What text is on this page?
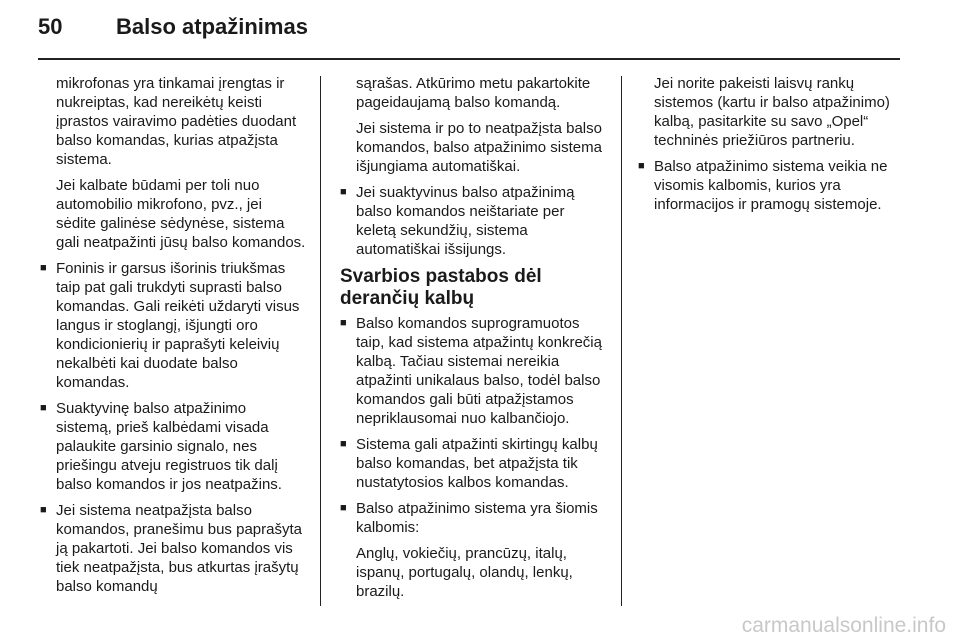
50	Balso atpažinimas

mikrofonas yra tinkamai įrengtas ir nukreiptas, kad nereikėtų keisti įprastos vairavimo padėties duodant balso komandas, kurias atpažįsta sistema.

Jei kalbate būdami per toli nuo automobilio mikrofono, pvz., jei sėdite galinėse sėdynėse, sistema gali neatpažinti jūsų balso komandos.

■ Foninis ir garsus išorinis triukšmas taip pat gali trukdyti suprasti balso komandas. Gali reikėti uždaryti visus langus ir stoglangį, išjungti oro kondicionierių ir paprašyti keleivių nekalbėti kai duodate balso komandas.

■ Suaktyvinę balso atpažinimo sistemą, prieš kalbėdami visada palaukite garsinio signalo, nes priešingu atveju registruos tik dalį balso komandos ir jos neatpažins.

■ Jei sistema neatpažįsta balso komandos, pranešimu bus paprašyta ją pakartoti. Jei balso komandos vis tiek neatpažįsta, bus atkurtas įrašytų balso komandų

sąrašas. Atkūrimo metu pakartokite pageidaujamą balso komandą.

Jei sistema ir po to neatpažįsta balso komandos, balso atpažinimo sistema išjungiama automatiškai.

■ Jei suaktyvinus balso atpažinimą balso komandos neištariate per keletą sekundžių, sistema automatiškai išsijungs.

Svarbios pastabos dėl derančių kalbų

■ Balso komandos suprogramuotos taip, kad sistema atpažintų konkrečią kalbą. Tačiau sistemai nereikia atpažinti unikalaus balso, todėl balso komandos gali būti atpažįstamos nepriklausomai nuo kalbančiojo.

■ Sistema gali atpažinti skirtingų kalbų balso komandas, bet atpažįsta tik nustatytosios kalbos komandas.

■ Balso atpažinimo sistema yra šiomis kalbomis:

Anglų, vokiečių, prancūzų, italų, ispanų, portugalų, olandų, lenkų, brazilų.

Jei norite pakeisti laisvų rankų sistemos (kartu ir balso atpažinimo) kalbą, pasitarkite su savo „Opel“ techninės priežiūros partneriu.

■ Balso atpažinimo sistema veikia ne visomis kalbomis, kurios yra informacijos ir pramogų sistemoje.

carmanualsonline.info
